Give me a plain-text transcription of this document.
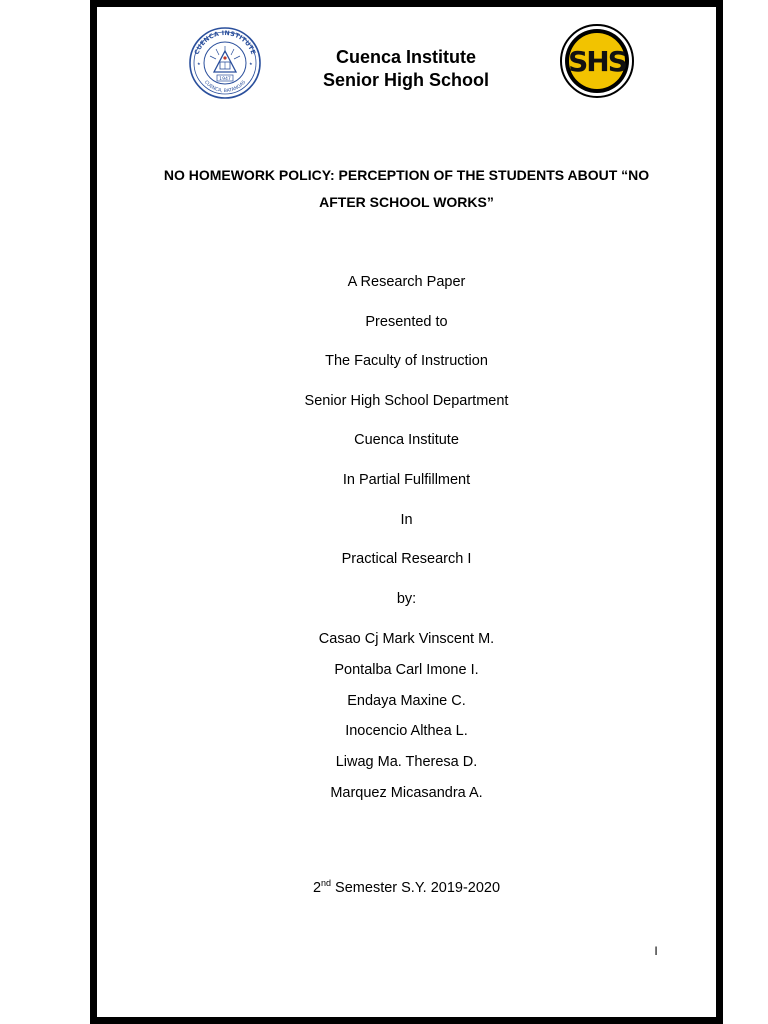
CUENCA INSTITUTE
CUENCA, BATANGAS
1947
★	★	Cuenca Institute
Senior High School
SHS
NO HOMEWORK POLICY: PERCEPTION OF THE STUDENTS ABOUT “NO
AFTER SCHOOL WORKS”
A Research Paper
Presented to
The Faculty of Instruction
Senior High School Department
Cuenca Institute
In Partial Fulfillment
In
Practical Research I
by:
Casao Cj Mark Vinscent M.
Pontalba Carl Imone I.
Endaya Maxine C.
Inocencio Althea L.
Liwag Ma. Theresa D.
Marquez Micasandra A.
2nd Semester S.Y. 2019-2020
I
